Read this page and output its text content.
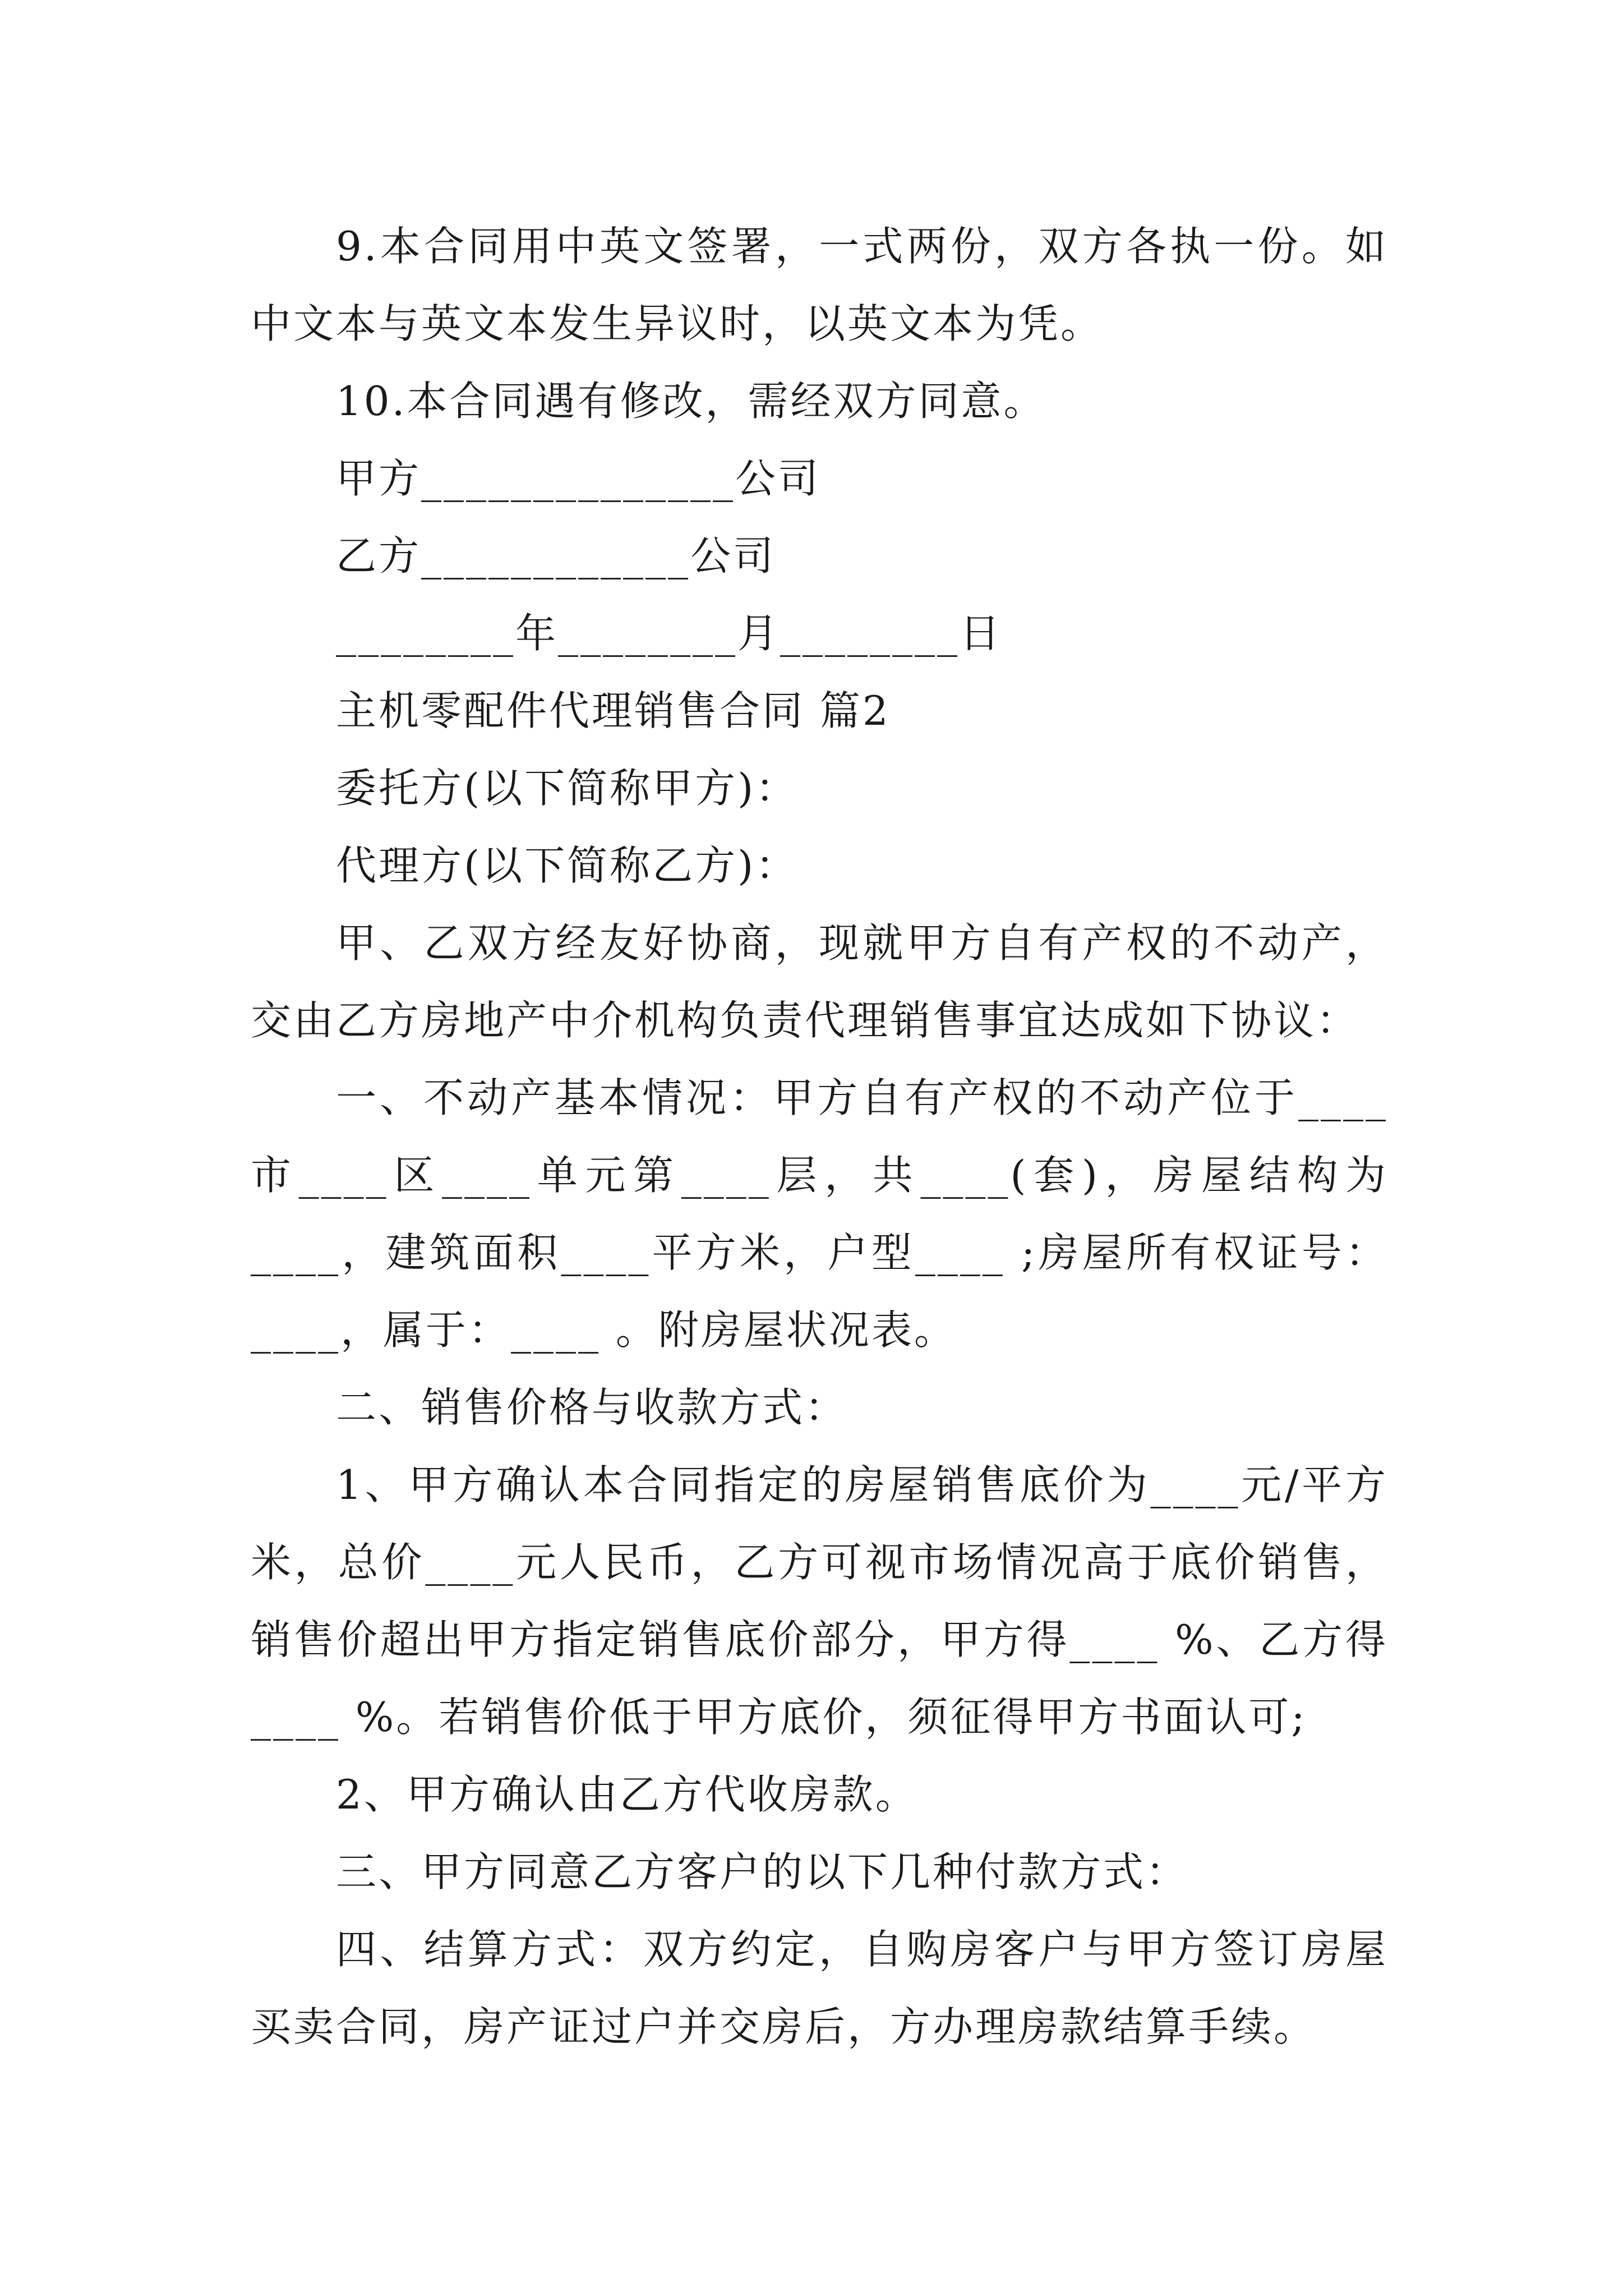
9.本合同用中英文签署，一式两份，双方各执一份。如中文本与英文本发生异议时，以英文本为凭。

10.本合同遇有修改，需经双方同意。

甲方______________公司

乙方____________公司

________年________月________日

主机零配件代理销售合同 篇2

委托方(以下简称甲方)：

代理方(以下简称乙方)：

甲、乙双方经友好协商，现就甲方自有产权的不动产，交由乙方房地产中介机构负责代理销售事宜达成如下协议：

一、不动产基本情况：甲方自有产权的不动产位于____市____区____单元第____层，共____(套)，房屋结构为____，建筑面积____平方米，户型____ ;房屋所有权证号：____，属于：____ 。附房屋状况表。

二、销售价格与收款方式：

1、甲方确认本合同指定的房屋销售底价为____元/平方米，总价____元人民币，乙方可视市场情况高于底价销售，销售价超出甲方指定销售底价部分，甲方得____ %、乙方得____ %。若销售价低于甲方底价，须征得甲方书面认可;

2、甲方确认由乙方代收房款。

三、甲方同意乙方客户的以下几种付款方式：

四、结算方式：双方约定，自购房客户与甲方签订房屋买卖合同，房产证过户并交房后，方办理房款结算手续。
